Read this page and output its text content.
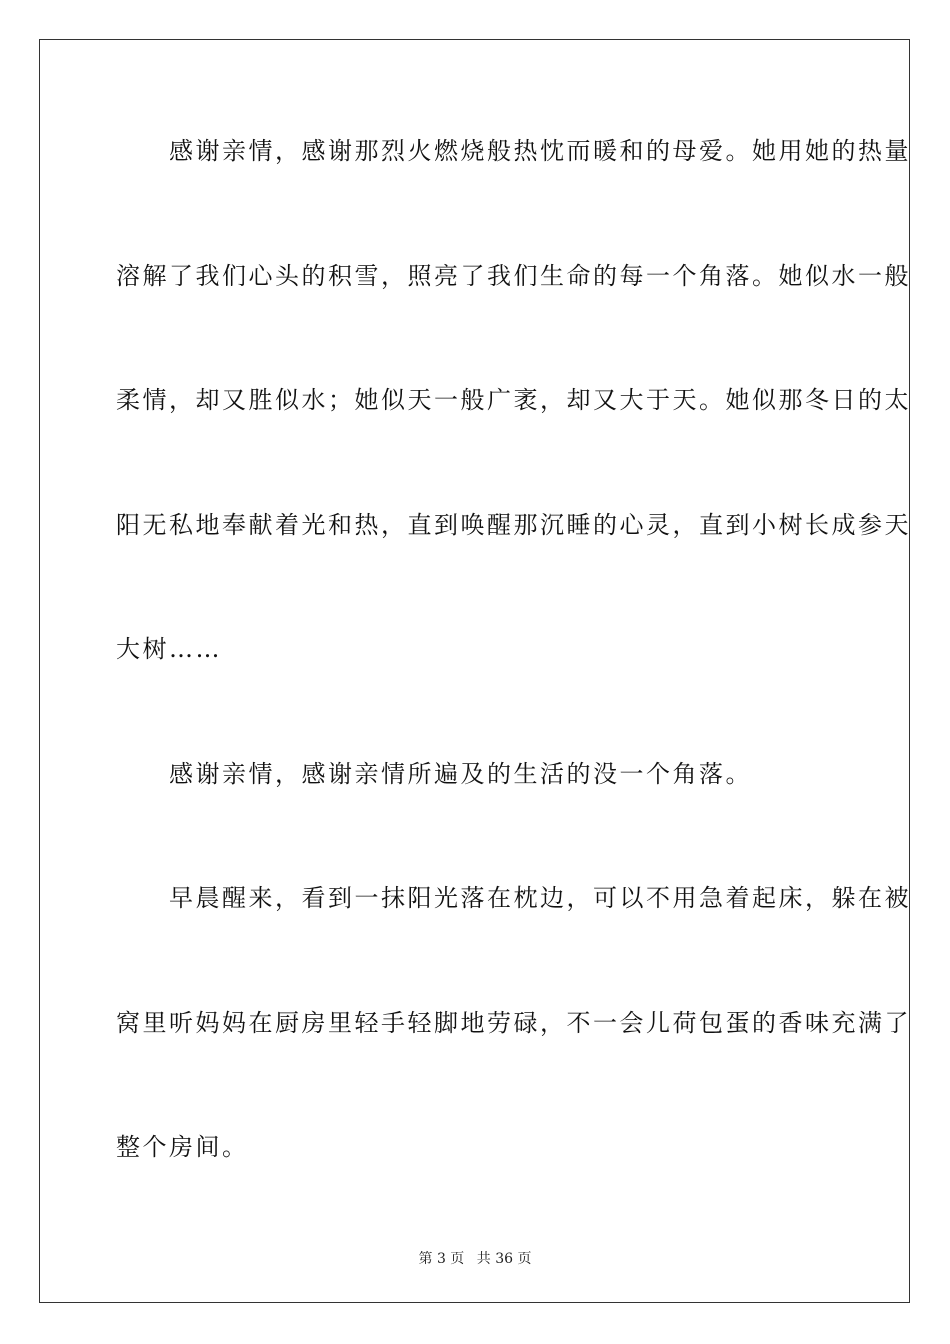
　　感谢亲情，感谢那烈火燃烧般热忱而暖和的母爱。她用她的热量
溶解了我们心头的积雪，照亮了我们生命的每一个角落。她似水一般
柔情，却又胜似水；她似天一般广袤，却又大于天。她似那冬日的太
阳无私地奉献着光和热，直到唤醒那沉睡的心灵，直到小树长成参天
大树……
　　感谢亲情，感谢亲情所遍及的生活的没一个角落。
　　早晨醒来，看到一抹阳光落在枕边，可以不用急着起床，躲在被
窝里听妈妈在厨房里轻手轻脚地劳碌，不一会儿荷包蛋的香味充满了
整个房间。
第 3 页 共 36 页
